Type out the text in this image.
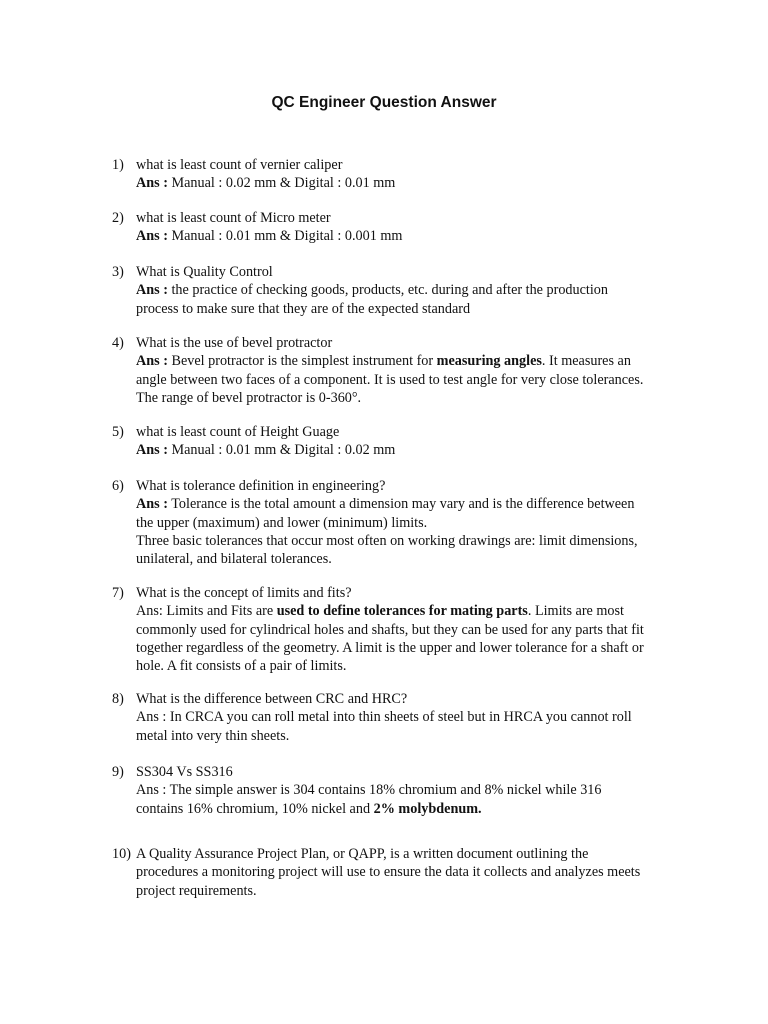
QC Engineer Question Answer
1) what is least count of vernier caliper
Ans : Manual : 0.02 mm & Digital : 0.01 mm
2) what is least count of Micro meter
Ans : Manual : 0.01 mm & Digital : 0.001 mm
3) What is Quality Control
Ans : the practice of checking goods, products, etc. during and after the production
process to make sure that they are of the expected standard
4) What is the use of bevel protractor
Ans : Bevel protractor is the simplest instrument for measuring angles. It measures an
angle between two faces of a component. It is used to test angle for very close tolerances.
The range of bevel protractor is 0-360°.
5) what is least count of Height Guage
Ans : Manual : 0.01 mm & Digital : 0.02 mm
6) What is tolerance definition in engineering?
Ans : Tolerance is the total amount a dimension may vary and is the difference between
the upper (maximum) and lower (minimum) limits.
Three basic tolerances that occur most often on working drawings are: limit dimensions,
unilateral, and bilateral tolerances.
7) What is the concept of limits and fits?
Ans: Limits and Fits are used to define tolerances for mating parts. Limits are most
commonly used for cylindrical holes and shafts, but they can be used for any parts that fit
together regardless of the geometry. A limit is the upper and lower tolerance for a shaft or
hole. A fit consists of a pair of limits.
8) What is the difference between CRC and HRC?
Ans : In CRCA you can roll metal into thin sheets of steel but in HRCA you cannot roll
metal into very thin sheets.
9) SS304 Vs SS316
Ans : The simple answer is 304 contains 18% chromium and 8% nickel while 316
contains 16% chromium, 10% nickel and 2% molybdenum.
10) A Quality Assurance Project Plan, or QAPP, is a written document outlining the
procedures a monitoring project will use to ensure the data it collects and analyzes meets
project requirements.
